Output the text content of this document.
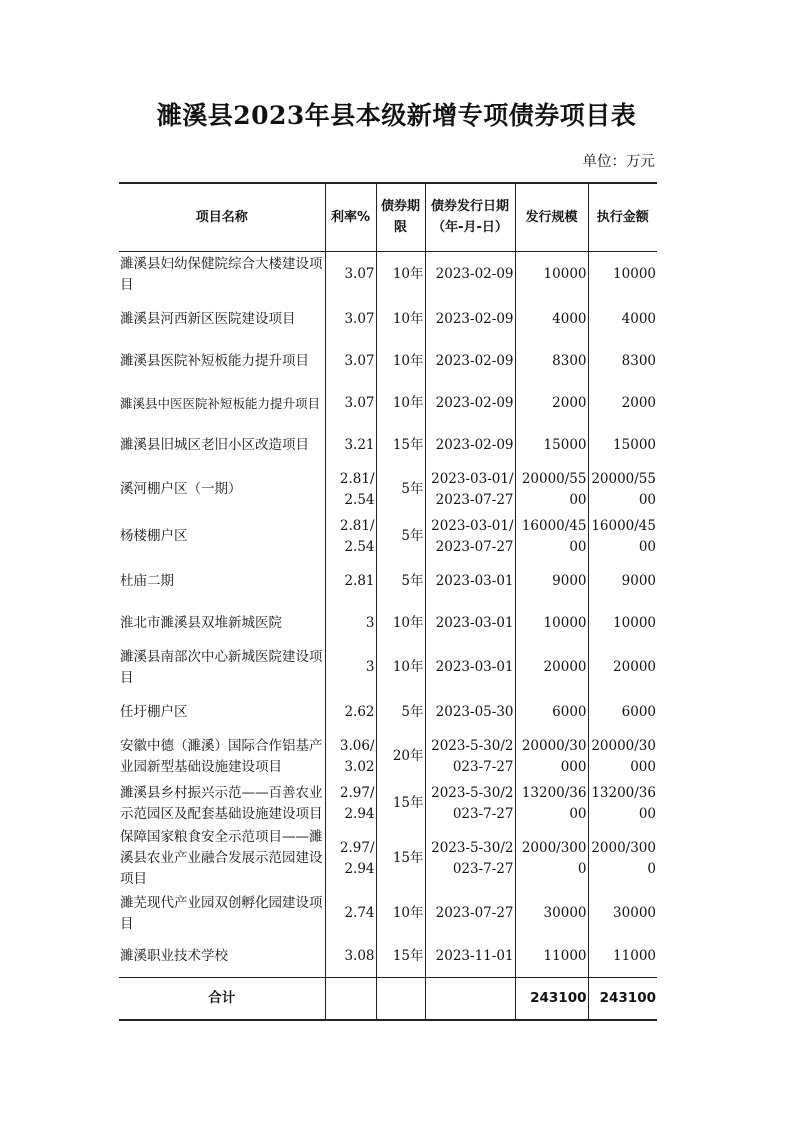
濉溪县2023年县本级新增专项债券项目表
单位：万元
项目名称	利率%	债券期限	债券发行日期（年-月-日）	发行规模	执行金额
濉溪县妇幼保健院综合大楼建设项目	3.07	10年	2023-02-09	10000	10000
濉溪县河西新区医院建设项目	3.07	10年	2023-02-09	4000	4000
濉溪县医院补短板能力提升项目	3.07	10年	2023-02-09	8300	8300
濉溪县中医医院补短板能力提升项目	3.07	10年	2023-02-09	2000	2000
濉溪县旧城区老旧小区改造项目	3.21	15年	2023-02-09	15000	15000
溪河棚户区（一期）	2.81/2.54	5年	2023-03-01/2023-07-27	20000/5500	20000/5500
杨楼棚户区	2.81/2.54	5年	2023-03-01/2023-07-27	16000/4500	16000/4500
杜庙二期	2.81	5年	2023-03-01	9000	9000
淮北市濉溪县双堆新城医院	3	10年	2023-03-01	10000	10000
濉溪县南部次中心新城医院建设项目	3	10年	2023-03-01	20000	20000
任圩棚户区	2.62	5年	2023-05-30	6000	6000
安徽中德（濉溪）国际合作铝基产业园新型基础设施建设项目	3.06/3.02	20年	2023-5-30/2023-7-27	20000/30000	20000/30000
濉溪县乡村振兴示范——百善农业示范园区及配套基础设施建设项目	2.97/2.94	15年	2023-5-30/2023-7-27	13200/3600	13200/3600
保障国家粮食安全示范项目——濉溪县农业产业融合发展示范园建设项目	2.97/2.94	15年	2023-5-30/2023-7-27	2000/3000	2000/3000
濉芜现代产业园双创孵化园建设项目	2.74	10年	2023-07-27	30000	30000
濉溪职业技术学校	3.08	15年	2023-11-01	11000	11000
合计				243100	243100
